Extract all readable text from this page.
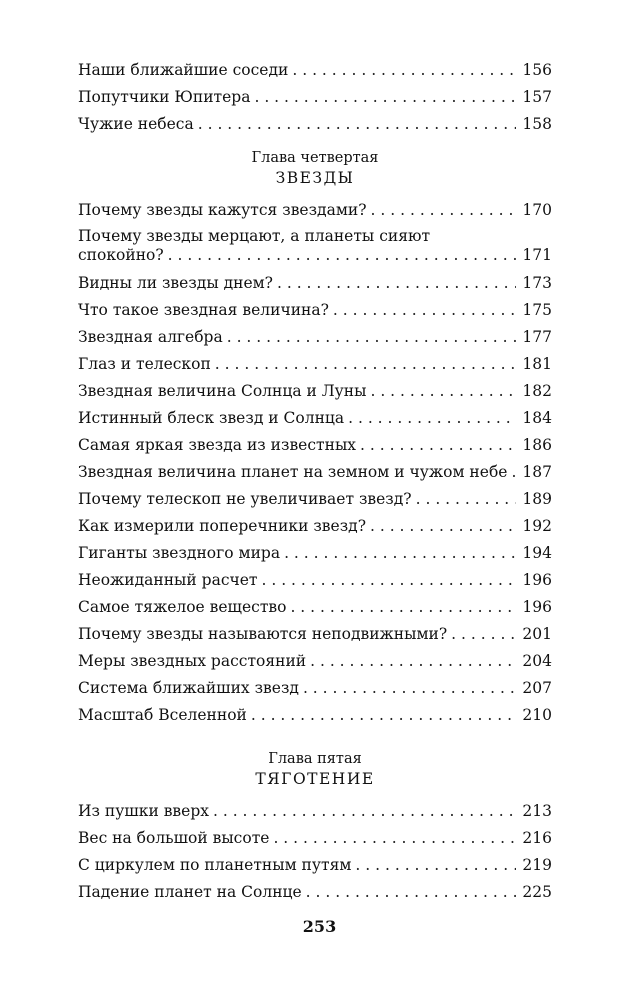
Наши ближайшие соседи . . .	156
Попутчики Юпитера . . .	157
Чужие небеса . . .	158
Глава четвертая
ЗВЕЗДЫ
Почему звезды кажутся звездами? . . .	170
Почему звезды мерцают, а планеты сияют
спокойно? . . .	171
Видны ли звезды днем? . . .	173
Что такое звездная величина? . . .	175
Звездная алгебра . . .	177
Глаз и телескоп . . .	181
Звездная величина Солнца и Луны . . .	182
Истинный блеск звезд и Солнца . . .	184
Самая яркая звезда из известных . . .	186
Звездная величина планет на земном и чужом небе . . . 187
Почему телескоп не увеличивает звезд? . . .	189
Как измерили поперечники звезд? . . .	192
Гиганты звездного мира . . .	194
Неожиданный расчет . . .	196
Самое тяжелое вещество . . .	196
Почему звезды называются неподвижными? . . .	201
Меры звездных расстояний . . .	204
Система ближайших звезд . . .	207
Масштаб Вселенной . . .	210
Глава пятая
ТЯГОТЕНИЕ
Из пушки вверх . . .	213
Вес на большой высоте . . .	216
С циркулем по планетным путям . . .	219
Падение планет на Солнце . . .	225
253
